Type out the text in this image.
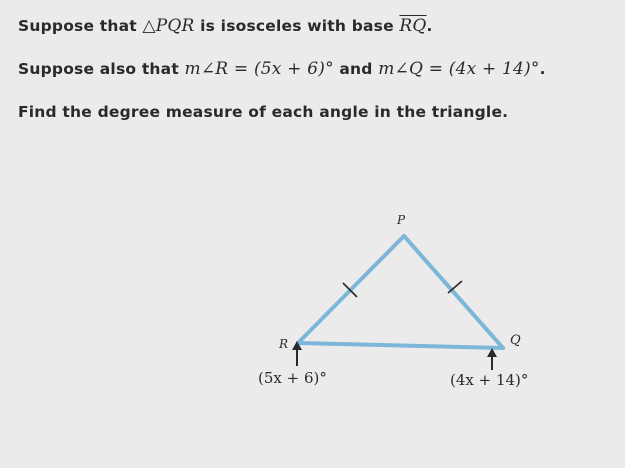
Suppose that △PQR is isosceles with base $\overline{RQ}$.
Suppose also that m∠R = (5x + 6)° and m∠Q = (4x + 14)°.
Find the degree measure of each angle in the triangle.
P
R	Q
(5x + 6)°	(4x + 14)°
